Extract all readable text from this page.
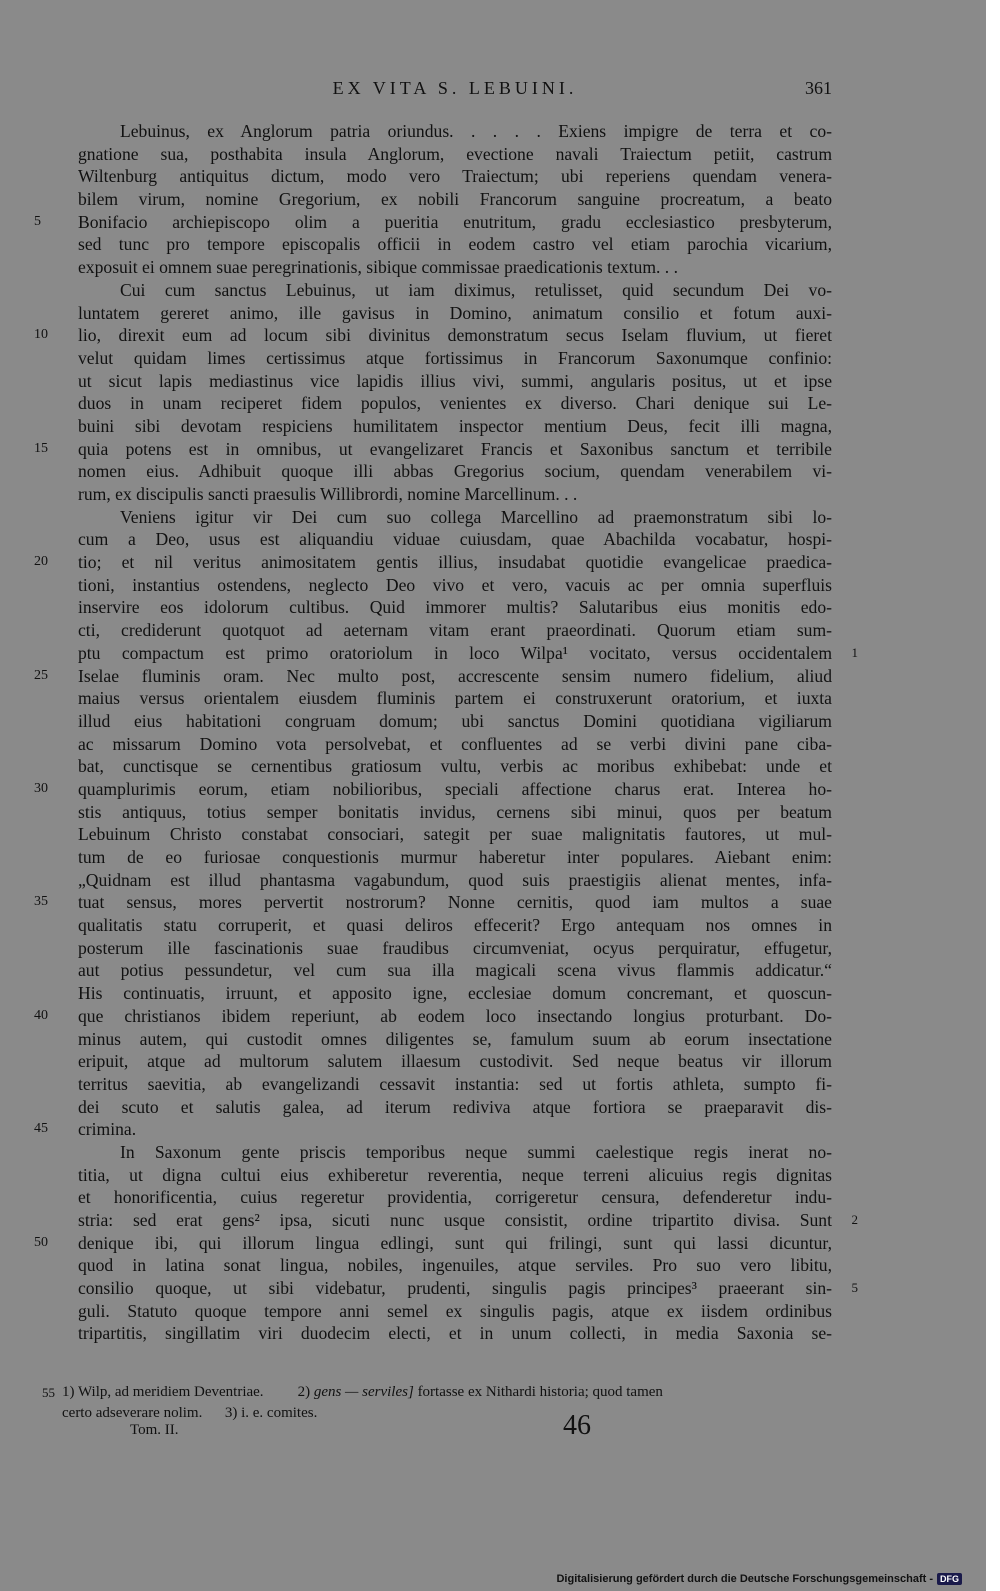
EX VITA S. LEBUINI.	361
Lebuinus, ex Anglorum patria oriundus. . . . . Exiens impigre de terra et co-
gnatione sua, posthabita insula Anglorum, evectione navali Traiectum petiit, castrum
Wiltenburg antiquitus dictum, modo vero Traiectum; ubi reperiens quendam venera-
bilem virum, nomine Gregorium, ex nobili Francorum sanguine procreatum, a beato
Bonifacio archiepiscopo olim a pueritia enutritum, gradu ecclesiastico presbyterum,
5
sed tunc pro tempore episcopalis officii in eodem castro vel etiam parochia vicarium,
exposuit ei omnem suae peregrinationis, sibique commissae praedicationis textum. . .
Cui cum sanctus Lebuinus, ut iam diximus, retulisset, quid secundum Dei vo-
luntatem gereret animo, ille gavisus in Domino, animatum consilio et fotum auxi-
lio, direxit eum ad locum sibi divinitus demonstratum secus Iselam fluvium, ut fieret
10
velut quidam limes certissimus atque fortissimus in Francorum Saxonumque confinio:
ut sicut lapis mediastinus vice lapidis illius vivi, summi, angularis positus, ut et ipse
duos in unam reciperet fidem populos, venientes ex diverso. Chari denique sui Le-
buini sibi devotam respiciens humilitatem inspector mentium Deus, fecit illi magna,
quia potens est in omnibus, ut evangelizaret Francis et Saxonibus sanctum et terribile
15
nomen eius. Adhibuit quoque illi abbas Gregorius socium, quendam venerabilem vi-
rum, ex discipulis sancti praesulis Willibrordi, nomine Marcellinum. . .
Veniens igitur vir Dei cum suo collega Marcellino ad praemonstratum sibi lo-
cum a Deo, usus est aliquandiu viduae cuiusdam, quae Abachilda vocabatur, hospi-
tio; et nil veritus animositatem gentis illius, insudabat quotidie evangelicae praedica-
20
tioni, instantius ostendens, neglecto Deo vivo et vero, vacuis ac per omnia superfluis
inservire eos idolorum cultibus. Quid immorer multis? Salutaribus eius monitis edo-
cti, crediderunt quotquot ad aeternam vitam erant praeordinati. Quorum etiam sum-
ptu compactum est primo oratoriolum in loco Wilpa¹ vocitato, versus occidentalem 1
Iselae fluminis oram. Nec multo post, accrescente sensim numero fidelium, aliud
25
maius versus orientalem eiusdem fluminis partem ei construxerunt oratorium, et iuxta
illud eius habitationi congruam domum; ubi sanctus Domini quotidiana vigiliarum
ac missarum Domino vota persolvebat, et confluentes ad se verbi divini pane ciba-
bat, cunctisque se cernentibus gratiosum vultu, verbis ac moribus exhibebat: unde et
quamplurimis eorum, etiam nobilioribus, speciali affectione charus erat. Interea ho-
30
stis antiquus, totius semper bonitatis invidus, cernens sibi minui, quos per beatum
Lebuinum Christo constabat consociari, sategit per suae malignitatis fautores, ut mul-
tum de eo furiosae conquestionis murmur haberetur inter populares. Aiebant enim:
„Quidnam est illud phantasma vagabundum, quod suis praestigiis alienat mentes, infa-
tuat sensus, mores pervertit nostrorum? Nonne cernitis, quod iam multos a suae
35
qualitatis statu corruperit, et quasi deliros effecerit? Ergo antequam nos omnes in
posterum ille fascinationis suae fraudibus circumveniat, ocyus perquiratur, effugetur,
aut potius pessundetur, vel cum sua illa magicali scena vivus flammis addicatur.“
His continuatis, irruunt, et apposito igne, ecclesiae domum concremant, et quoscun-
que christianos ibidem reperiunt, ab eodem loco insectando longius proturbant. Do-
40
minus autem, qui custodit omnes diligentes se, famulum suum ab eorum insectatione
eripuit, atque ad multorum salutem illaesum custodivit. Sed neque beatus vir illorum
territus saevitia, ab evangelizandi cessavit instantia: sed ut fortis athleta, sumpto fi-
dei scuto et salutis galea, ad iterum rediviva atque fortiora se praeparavit dis-
crimina.
45
In Saxonum gente priscis temporibus neque summi caelestique regis inerat no-
titia, ut digna cultui eius exhiberetur reverentia, neque terreni alicuius regis dignitas
et honorificentia, cuius regeretur providentia, corrigeretur censura, defenderetur indu-
stria: sed erat gens² ipsa, sicuti nunc usque consistit, ordine tripartito divisa. Sunt 2
denique ibi, qui illorum lingua edlingi, sunt qui frilingi, sunt qui lassi dicuntur,
50
quod in latina sonat lingua, nobiles, ingenuiles, atque serviles. Pro suo vero libitu,
consilio quoque, ut sibi videbatur, prudenti, singulis pagis principes³ praeerant sin- 5
guli. Statuto quoque tempore anni semel ex singulis pagis, atque ex iisdem ordinibus
tripartitis, singillatim viri duodecim electi, et in unum collecti, in media Saxonia se-
55 1) Wilp, ad meridiem Deventriae. 2)
gens — serviles]
fortasse ex Nithardi historia; quod tamen
certo adseverare nolim.      3) i. e. comites.
Tom. II.	46
Digitalisierung gefördert durch die Deutsche Forschungsgemeinschaft - DFG
